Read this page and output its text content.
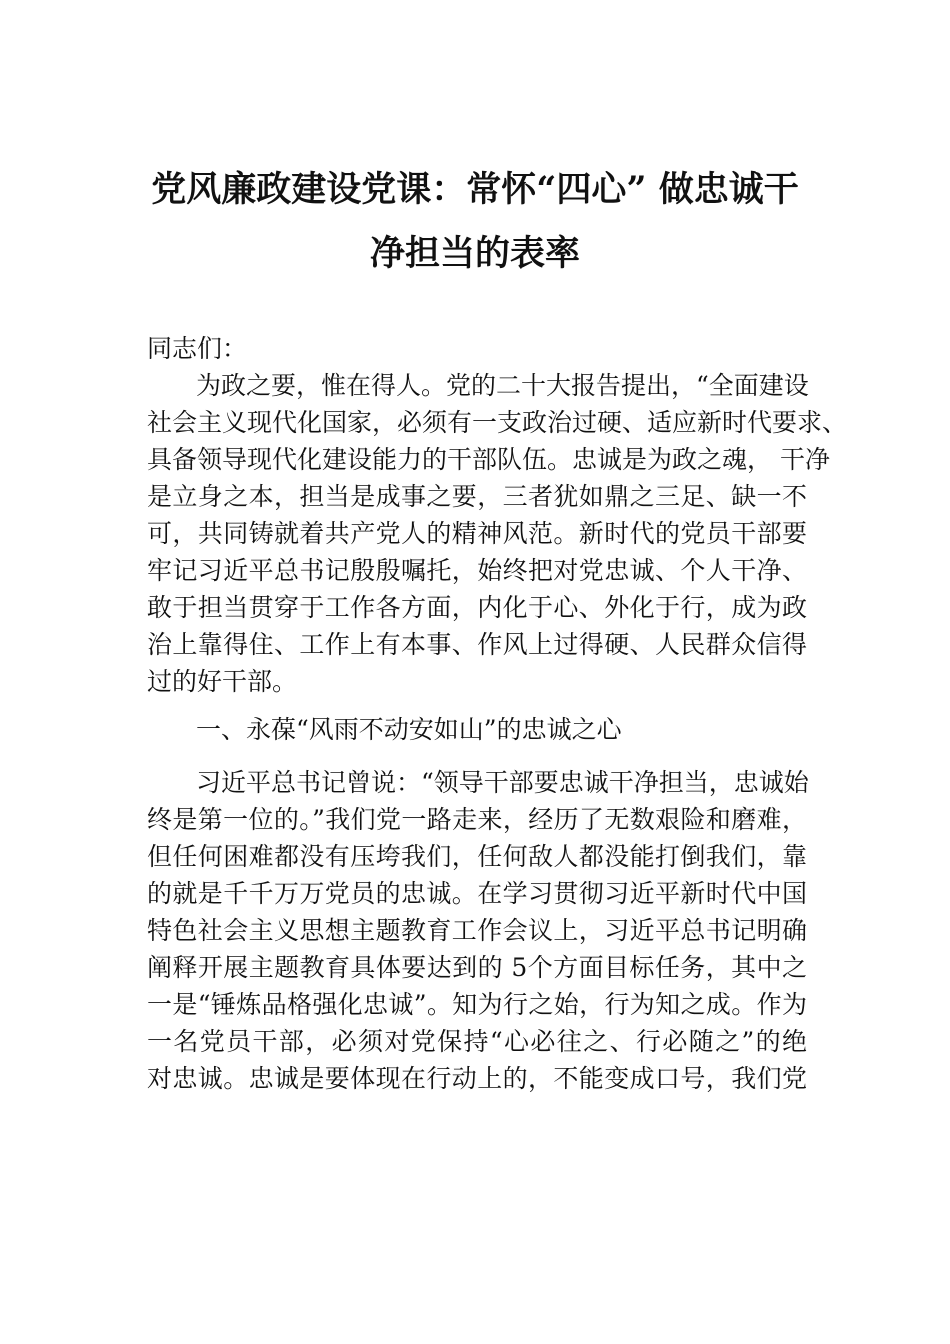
党风廉政建设党课：常怀“四心” 做忠诚干
净担当的表率

同志们：

为政之要，惟在得人。党的二十大报告提出，“全面建设

社会主义现代化国家，必须有一支政治过硬、适应新时代要求、

具备领导现代化建设能力的干部队伍。忠诚是为政之魂， 干净

是立身之本，担当是成事之要，三者犹如鼎之三足、缺一不

可，共同铸就着共产党人的精神风范。新时代的党员干部要

牢记习近平总书记殷殷嘱托，始终把对党忠诚、个人干净、

敢于担当贯穿于工作各方面，内化于心、外化于行，成为政

治上靠得住、工作上有本事、作风上过得硬、人民群众信得

过的好干部。

一、永葆“风雨不动安如山”的忠诚之心

习近平总书记曾说：“领导干部要忠诚干净担当，忠诚始

终是第一位的。”我们党一路走来，经历了无数艰险和磨难，

但任何困难都没有压垮我们，任何敌人都没能打倒我们，靠

的就是千千万万党员的忠诚。在学习贯彻习近平新时代中国

特色社会主义思想主题教育工作会议上，习近平总书记明确

阐释开展主题教育具体要达到的 5个方面目标任务，其中之

一是“锤炼品格强化忠诚”。知为行之始，行为知之成。作为

一名党员干部，必须对党保持“心必往之、行必随之”的绝

对忠诚。忠诚是要体现在行动上的，不能变成口号，我们党
